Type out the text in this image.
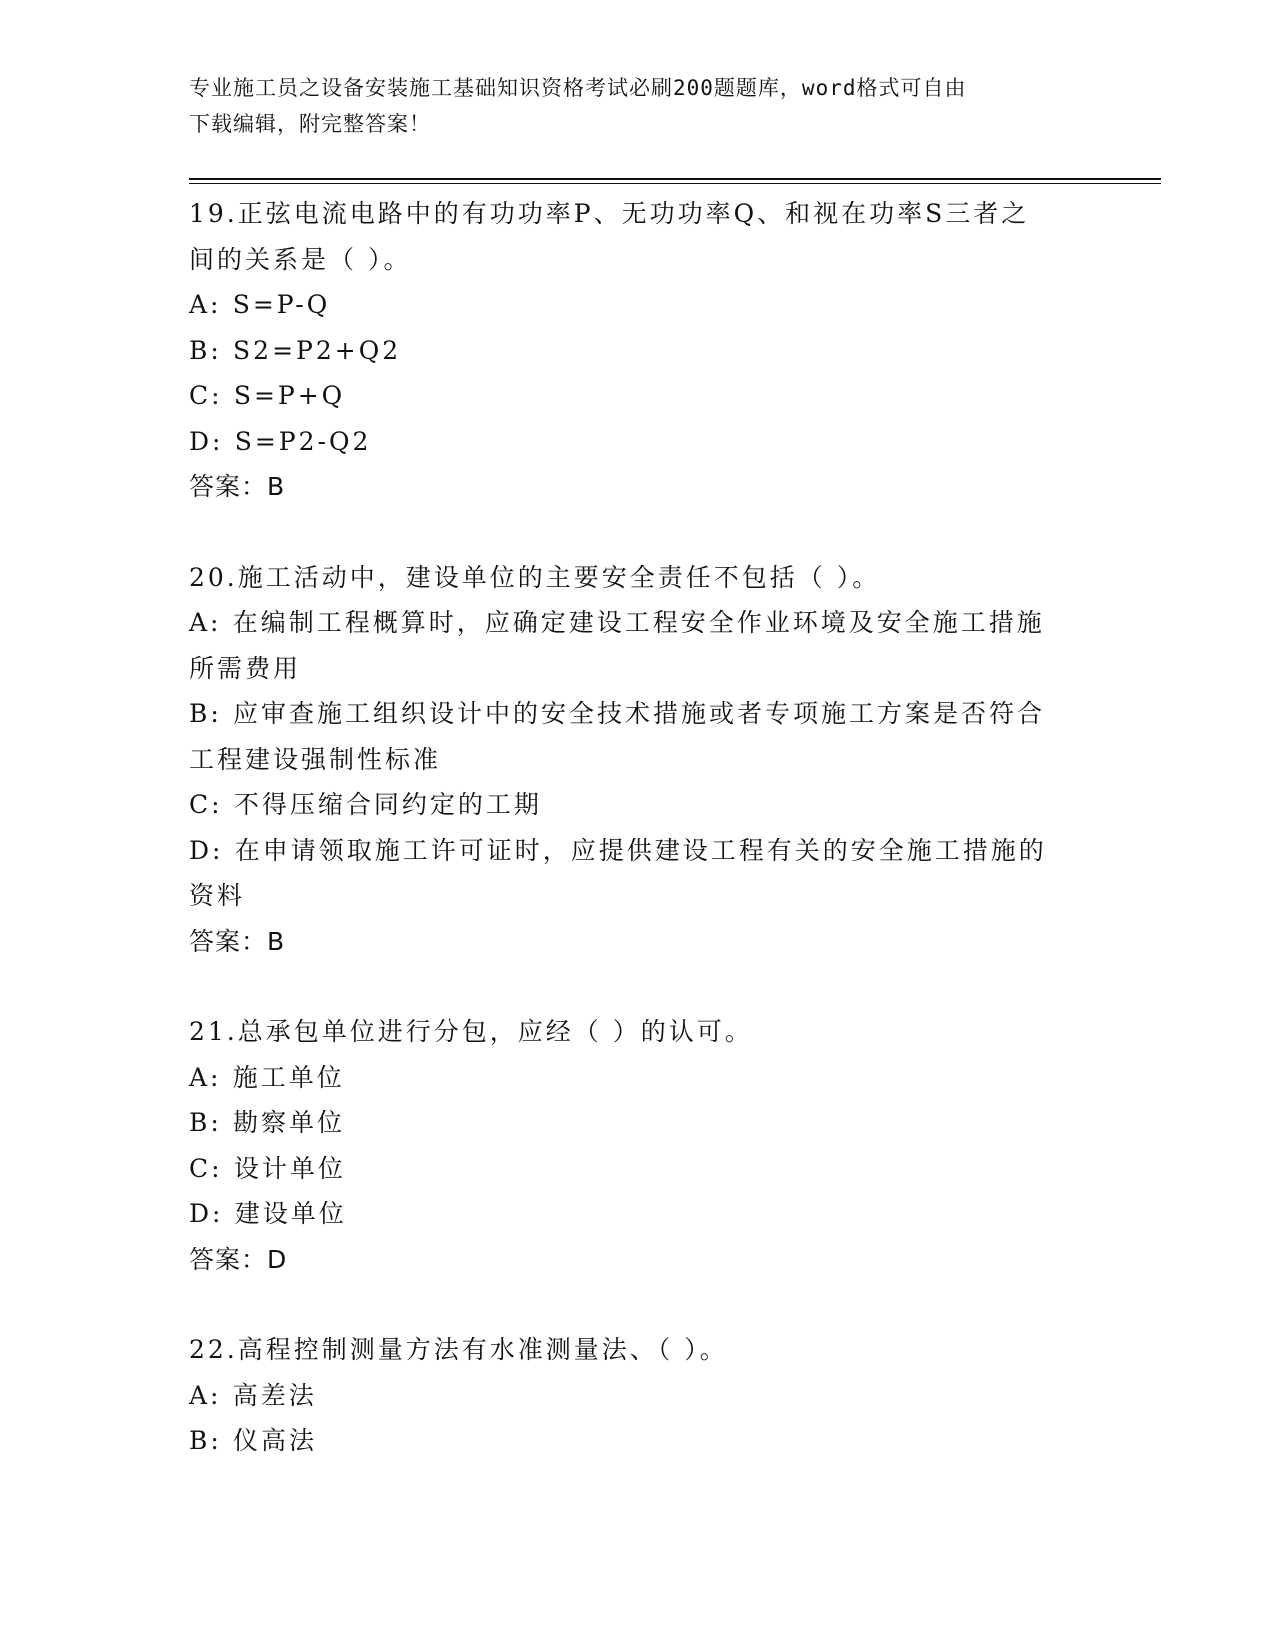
专业施工员之设备安装施工基础知识资格考试必刷200题题库，word格式可自由
下载编辑，附完整答案！
19.正弦电流电路中的有功功率P、无功功率Q、和视在功率S三者之
间的关系是（ ）。
A: S=P-Q
B: S2=P2+Q2
C: S=P+Q
D: S=P2-Q2
答案：B
20.施工活动中，建设单位的主要安全责任不包括（ ）。
A: 在编制工程概算时，应确定建设工程安全作业环境及安全施工措施
所需费用
B: 应审查施工组织设计中的安全技术措施或者专项施工方案是否符合
工程建设强制性标准
C: 不得压缩合同约定的工期
D: 在申请领取施工许可证时，应提供建设工程有关的安全施工措施的
资料
答案：B
21.总承包单位进行分包，应经（ ）的认可。
A: 施工单位
B: 勘察单位
C: 设计单位
D: 建设单位
答案：D
22.高程控制测量方法有水准测量法、（ ）。
A: 高差法
B: 仪高法
